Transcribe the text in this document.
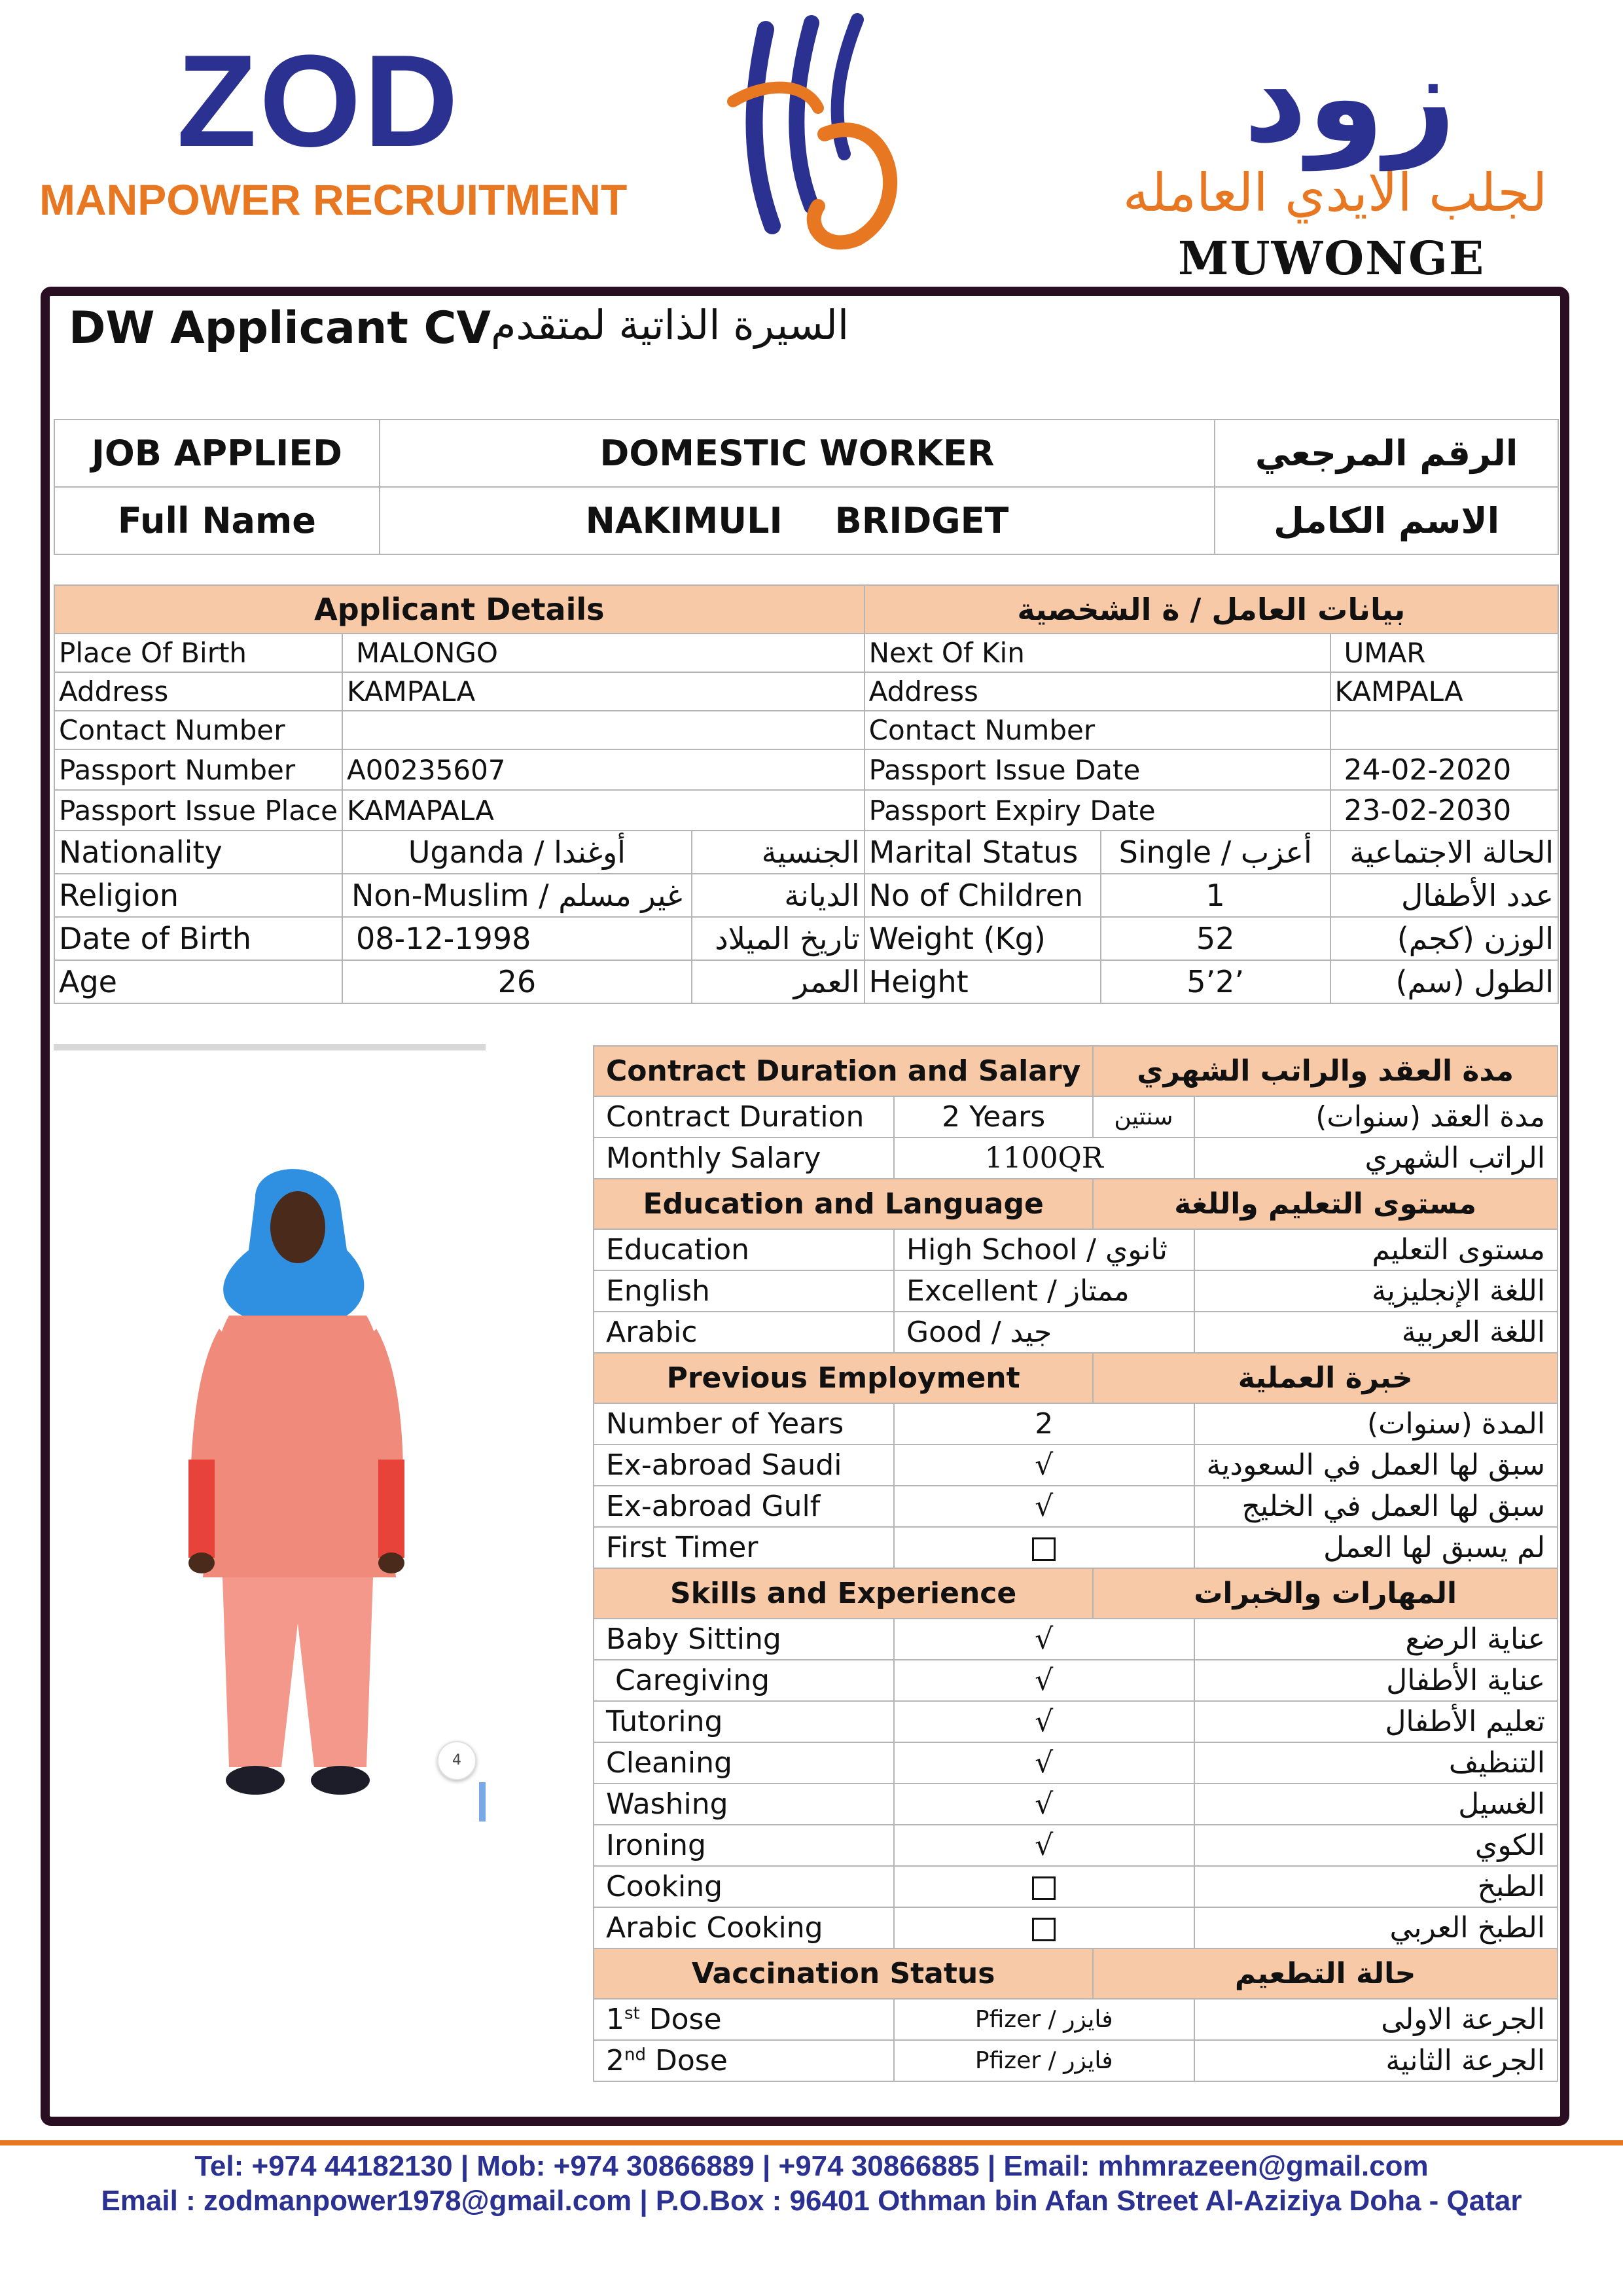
ZOD
MANPOWER RECRUITMENT
زود
لجلب الايدي العامله
MUWONGE
DW Applicant CV السيرة الذاتية لمتقدم
JOB APPLIED	DOMESTIC WORKER	الرقم المرجعي
Full Name	NAKIMULI BRIDGET	الاسم الكامل
Applicant Details			بيانات العامل / ة الشخصية		
Place Of Birth	MALONGO		Next Of Kin		UMAR
Address	KAMPALA		Address		KAMPALA
Contact Number			Contact Number		
Passport Number	A00235607		Passport Issue Date		24-02-2020
Passport Issue Place	KAMAPALA		Passport Expiry Date		23-02-2030
Nationality	Uganda / أوغندا	الجنسية	Marital Status	Single / أعزب	الحالة الاجتماعية
Religion	Non-Muslim / غير مسلم	الديانة	No of Children	1	عدد الأطفال
Date of Birth	08-12-1998	تاريخ الميلاد	Weight (Kg)	52	الوزن (كجم)
Age	26	العمر	Height	5’2’	الطول (سم)
4
Contract Duration and Salary		مدة العقد والراتب الشهري	
Contract Duration	2 Years	سنتين	مدة العقد (سنوات)
Monthly Salary	1100QR		الراتب الشهري
Education and Language		مستوى التعليم واللغة	
Education	High School / ثانوي		مستوى التعليم
English	Excellent / ممتاز		اللغة الإنجليزية
Arabic	Good / جيد		اللغة العربية
Previous Employment		خبرة العملية	
Number of Years	2		المدة (سنوات)
Ex-abroad Saudi	√		سبق لها العمل في السعودية
Ex-abroad Gulf	√		سبق لها العمل في الخليج
First Timer			لم يسبق لها العمل
Skills and Experience		المهارات والخبرات	
Baby Sitting	√		عناية الرضع
Caregiving	√		عناية الأطفال
Tutoring	√		تعليم الأطفال
Cleaning	√		التنظيف
Washing	√		الغسيل
Ironing	√		الكوي
Cooking			الطبخ
Arabic Cooking			الطبخ العربي
Vaccination Status		حالة التطعيم	
1st Dose	Pfizer / فايزر		الجرعة الاولى
2nd Dose	Pfizer / فايزر		الجرعة الثانية
Tel: +974 44182130 | Mob: +974 30866889 | +974 30866885 | Email: mhmrazeen@gmail.com
Email : zodmanpower1978@gmail.com | P.O.Box : 96401 Othman bin Afan Street Al-Aziziya Doha - Qatar
